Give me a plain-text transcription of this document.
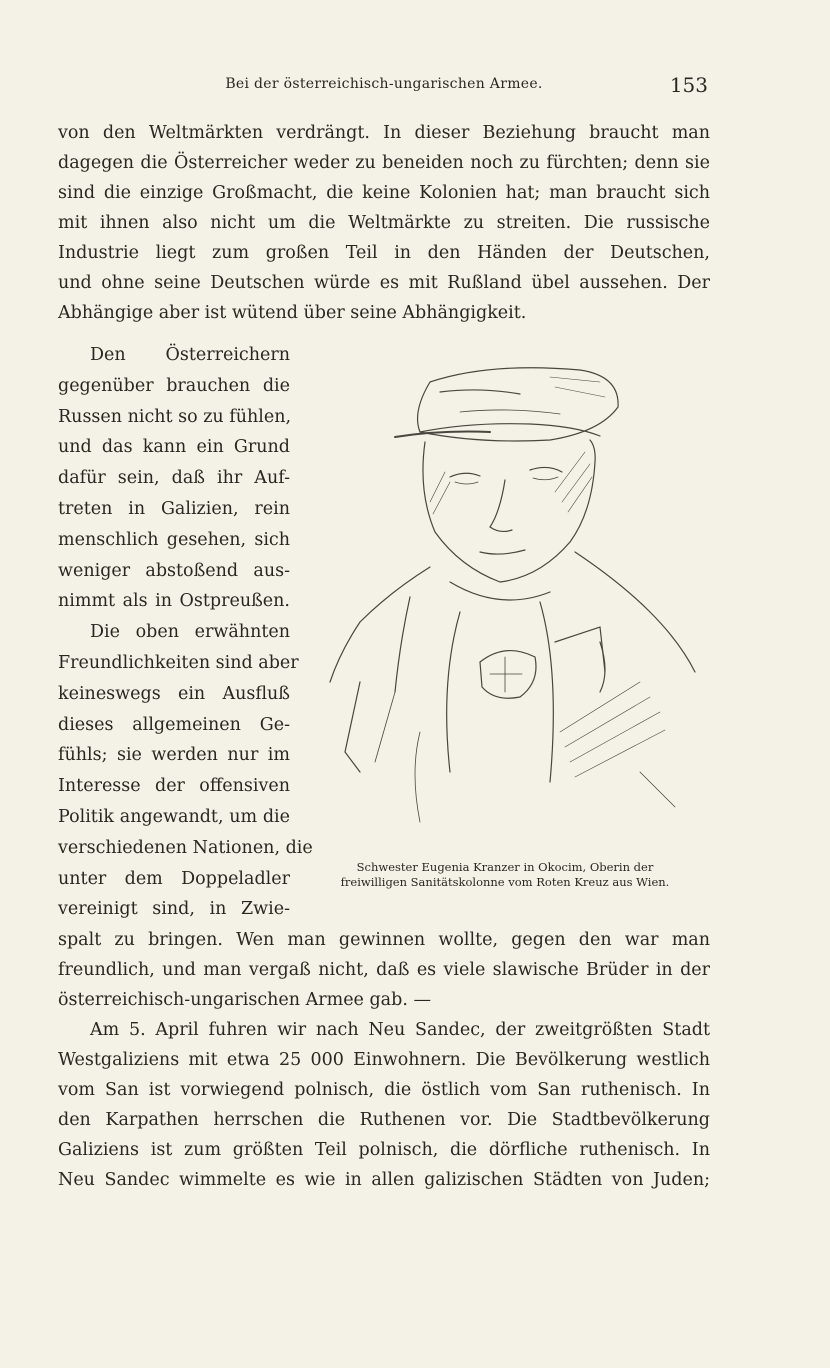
Bei der österreichisch-ungarischen Armee.	153

von den Weltmärkten verdrängt. In dieser Beziehung braucht man
dagegen die Österreicher weder zu beneiden noch zu fürchten; denn sie
sind die einzige Großmacht, die keine Kolonien hat; man braucht sich
mit ihnen also nicht um die Weltmärkte zu streiten. Die russische
Industrie liegt zum großen Teil in den Händen der Deutschen,
und ohne seine Deutschen würde es mit Rußland übel aussehen. Der
Abhängige aber ist wütend über seine Abhängigkeit.

Den Österreichern
gegenüber brauchen die
Russen nicht so zu fühlen,
und das kann ein Grund
dafür sein, daß ihr Auf-
treten in Galizien, rein
menschlich gesehen, sich
weniger abstoßend aus-
nimmt als in Ostpreußen.
Die oben erwähnten
Freundlichkeiten sind aber
keineswegs ein Ausfluß
dieses allgemeinen Ge-
fühls; sie werden nur im
Interesse der offensiven
Politik angewandt, um die
verschiedenen Nationen, die
unter dem Doppeladler
vereinigt sind, in Zwie-

Schwester Eugenia Kranzer in Okocim, Oberin der
freiwilligen Sanitätskolonne vom Roten Kreuz aus Wien.

spalt zu bringen. Wen man gewinnen wollte, gegen den war man
freundlich, und man vergaß nicht, daß es viele slawische Brüder in der
österreichisch-ungarischen Armee gab. —

Am 5. April fuhren wir nach Neu Sandec, der zweitgrößten Stadt
Westgaliziens mit etwa 25 000 Einwohnern. Die Bevölkerung westlich
vom San ist vorwiegend polnisch, die östlich vom San ruthenisch. In
den Karpathen herrschen die Ruthenen vor. Die Stadtbevölkerung
Galiziens ist zum größten Teil polnisch, die dörfliche ruthenisch. In
Neu Sandec wimmelte es wie in allen galizischen Städten von Juden;
